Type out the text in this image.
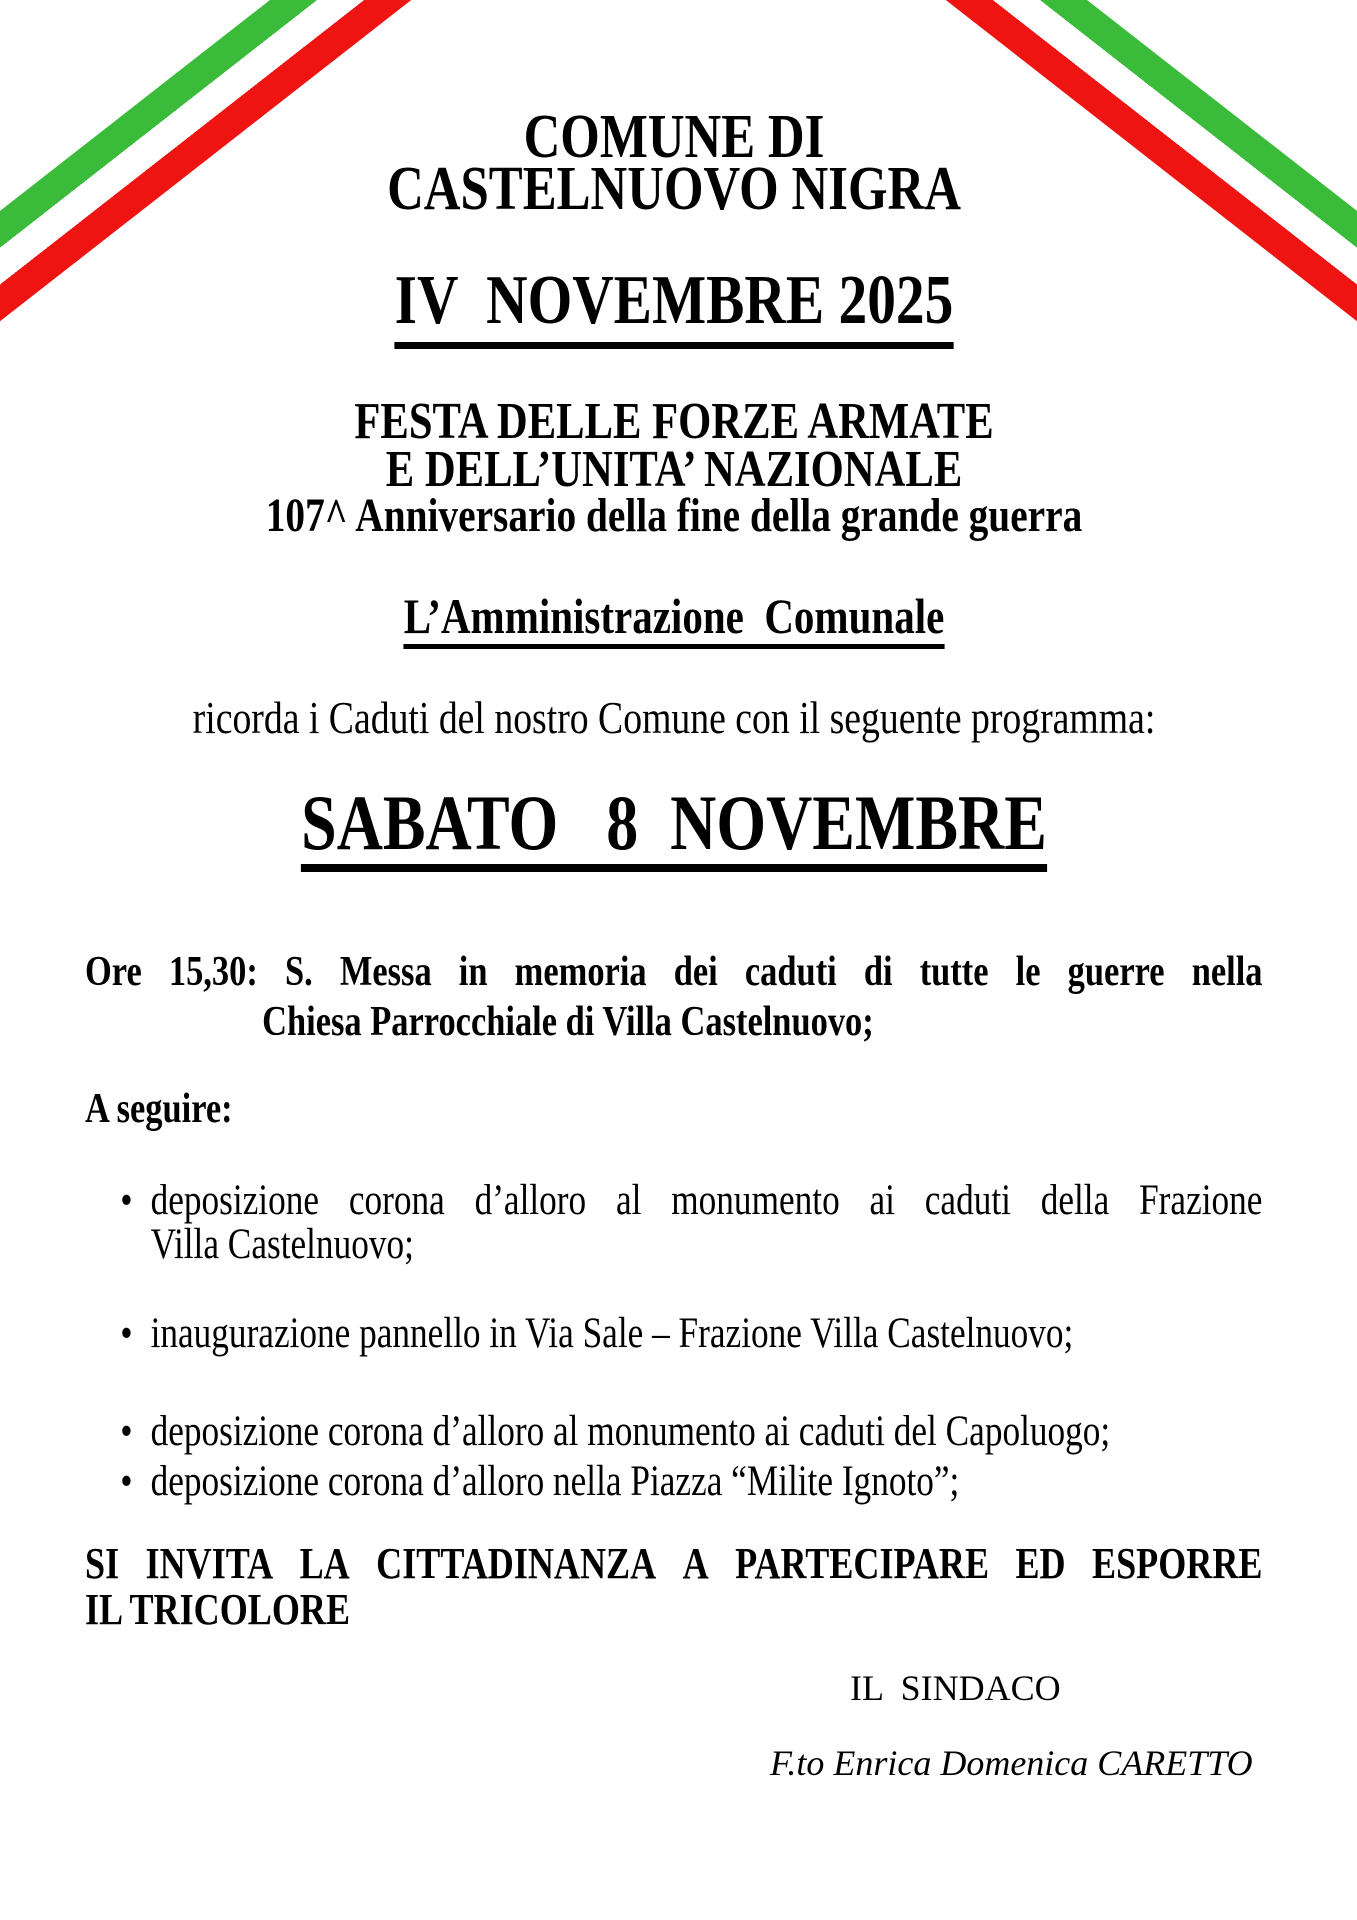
COMUNE DI
CASTELNUOVO NIGRA
IV  NOVEMBRE 2025
FESTA DELLE FORZE ARMATE
E DELL’UNITA’ NAZIONALE
107^ Anniversario della fine della grande guerra
L’Amministrazione  Comunale
ricorda i Caduti del nostro Comune con il seguente programma:
SABATO   8  NOVEMBRE
Ore 15,30: S. Messa in memoria dei caduti di tutte le guerre nella
Chiesa Parrocchiale di Villa Castelnuovo;
A seguire:
• deposizione corona d’alloro al monumento ai caduti della Frazione
Villa Castelnuovo;
• inaugurazione pannello in Via Sale – Frazione Villa Castelnuovo;
• deposizione corona d’alloro al monumento ai caduti del Capoluogo;
• deposizione corona d’alloro nella Piazza “Milite Ignoto”;
SI INVITA LA CITTADINANZA A PARTECIPARE ED ESPORRE
IL TRICOLORE
IL  SINDACO
F.to Enrica Domenica CARETTO
